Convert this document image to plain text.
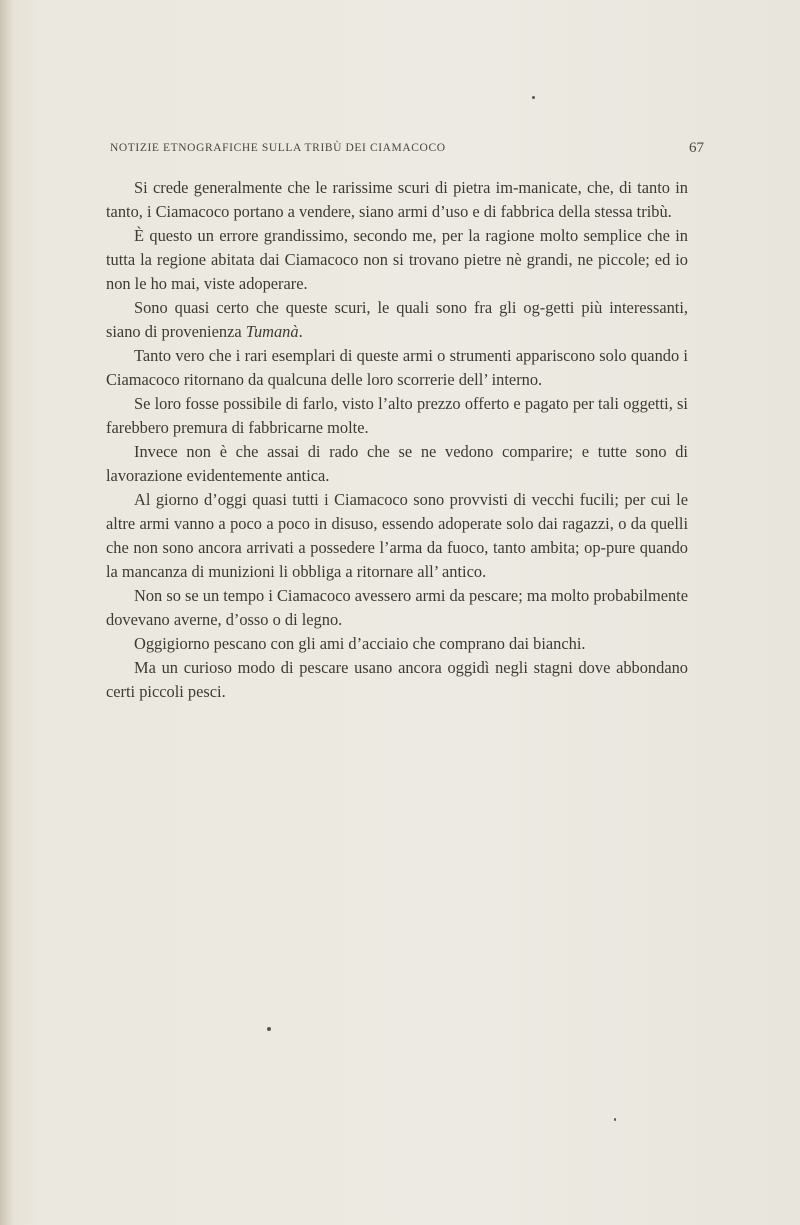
NOTIZIE ETNOGRAFICHE SULLA TRIBÙ DEI CIAMACOCO	67

Si crede generalmente che le rarissime scuri di pietra im-manicate, che, di tanto in tanto, i Ciamacoco portano a vendere, siano armi d’uso e di fabbrica della stessa tribù.

È questo un errore grandissimo, secondo me, per la ragione molto semplice che in tutta la regione abitata dai Ciamacoco non si trovano pietre nè grandi, ne piccole; ed io non le ho mai, viste adoperare.

Sono quasi certo che queste scuri, le quali sono fra gli og-getti più interessanti, siano di provenienza Tumanà.

Tanto vero che i rari esemplari di queste armi o strumenti appariscono solo quando i Ciamacoco ritornano da qualcuna delle loro scorrerie dell’ interno.

Se loro fosse possibile di farlo, visto l’alto prezzo offerto e pagato per tali oggetti, si farebbero premura di fabbricarne molte.

Invece non è che assai di rado che se ne vedono comparire; e tutte sono di lavorazione evidentemente antica.

Al giorno d’oggi quasi tutti i Ciamacoco sono provvisti di vecchi fucili; per cui le altre armi vanno a poco a poco in disuso, essendo adoperate solo dai ragazzi, o da quelli che non sono ancora arrivati a possedere l’arma da fuoco, tanto ambita; op-pure quando la mancanza di munizioni li obbliga a ritornare all’ antico.

Non so se un tempo i Ciamacoco avessero armi da pescare; ma molto probabilmente dovevano averne, d’osso o di legno.

Oggigiorno pescano con gli ami d’acciaio che comprano dai bianchi.

Ma un curioso modo di pescare usano ancora oggidì negli stagni dove abbondano certi piccoli pesci.
